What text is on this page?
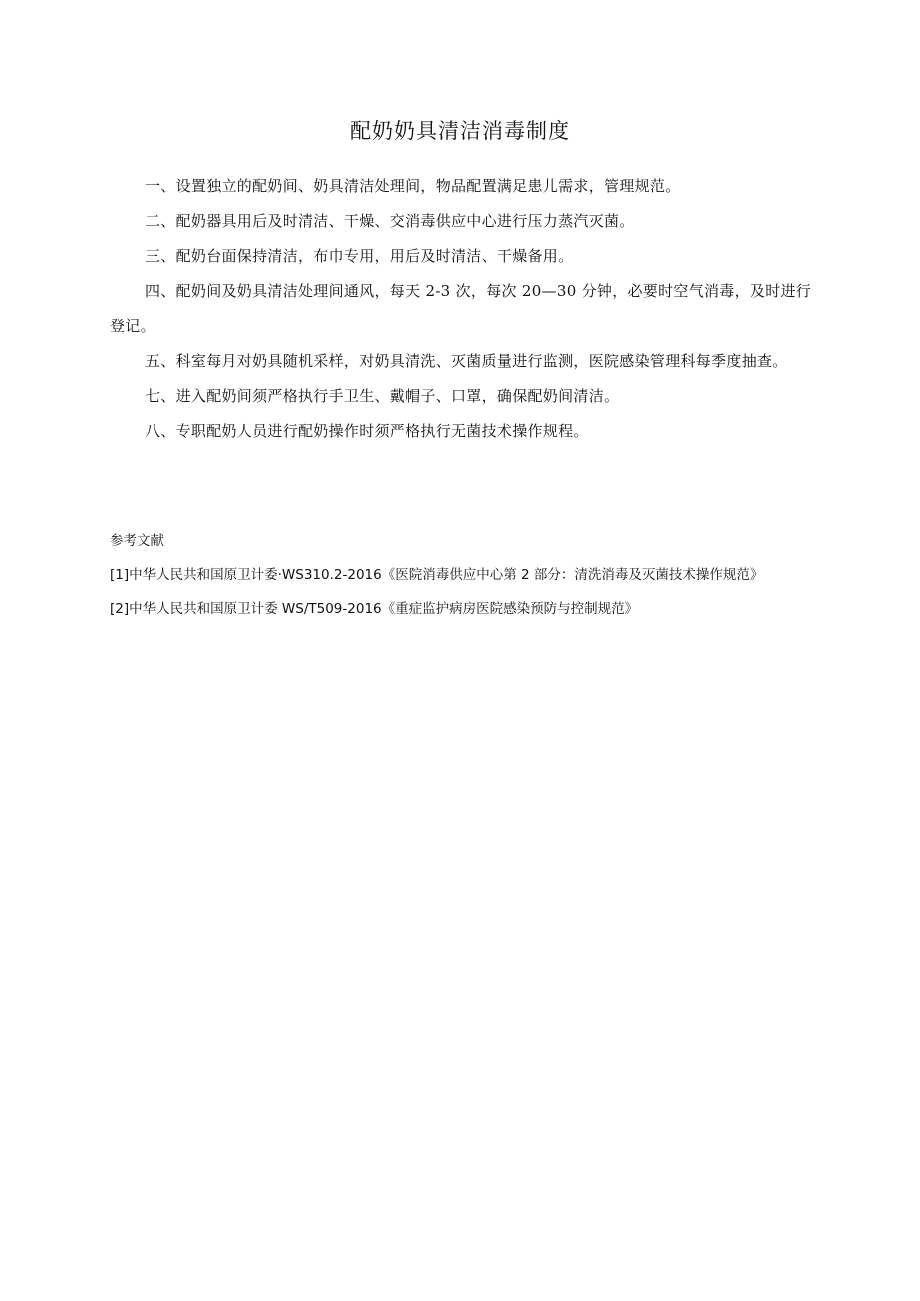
配奶奶具清洁消毒制度

一、设置独立的配奶间、奶具清洁处理间，物品配置满足患儿需求，管理规范。

二、配奶器具用后及时清洁、干燥、交消毒供应中心进行压力蒸汽灭菌。

三、配奶台面保持清洁，布巾专用，用后及时清洁、干燥备用。

四、配奶间及奶具清洁处理间通风，每天 2-3 次，每次 20—30 分钟，必要时空气消毒，及时进行登记。

五、科室每月对奶具随机采样，对奶具清洗、灭菌质量进行监测，医院感染管理科每季度抽查。

七、进入配奶间须严格执行手卫生、戴帽子、口罩，确保配奶间清洁。

八、专职配奶人员进行配奶操作时须严格执行无菌技术操作规程。

参考文献

[1]中华人民共和国原卫计委·WS310.2-2016《医院消毒供应中心第 2 部分：清洗消毒及灭菌技术操作规范》

[2]中华人民共和国原卫计委 WS/T509-2016《重症监护病房医院感染预防与控制规范》
